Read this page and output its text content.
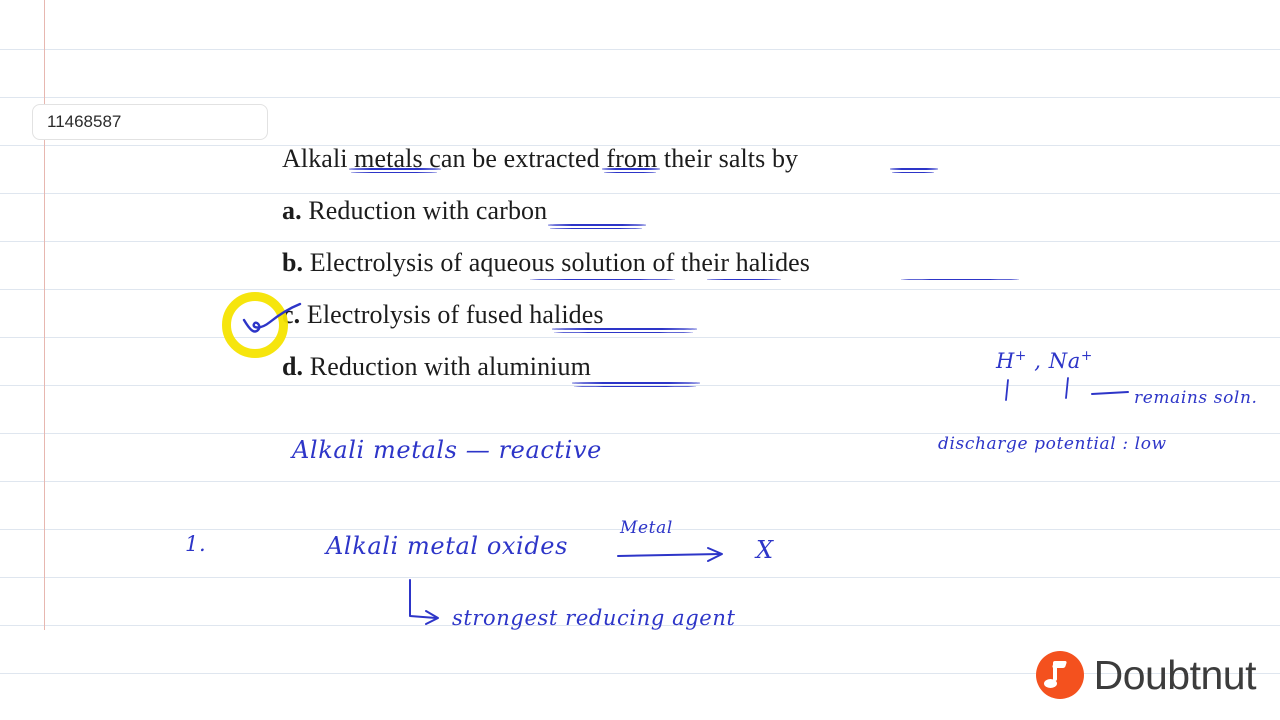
11468587
Alkali metals can be extracted from their salts by
a. Reduction with carbon
b. Electrolysis of aqueous solution of their halides
c. Electrolysis of fused halides
d. Reduction with aluminium
Alkali metals — reactive
H+ , Na+
remains soln.
discharge potential : low
1.	Alkali metal oxides
Metal
X
strongest reducing agent
Doubtnut
